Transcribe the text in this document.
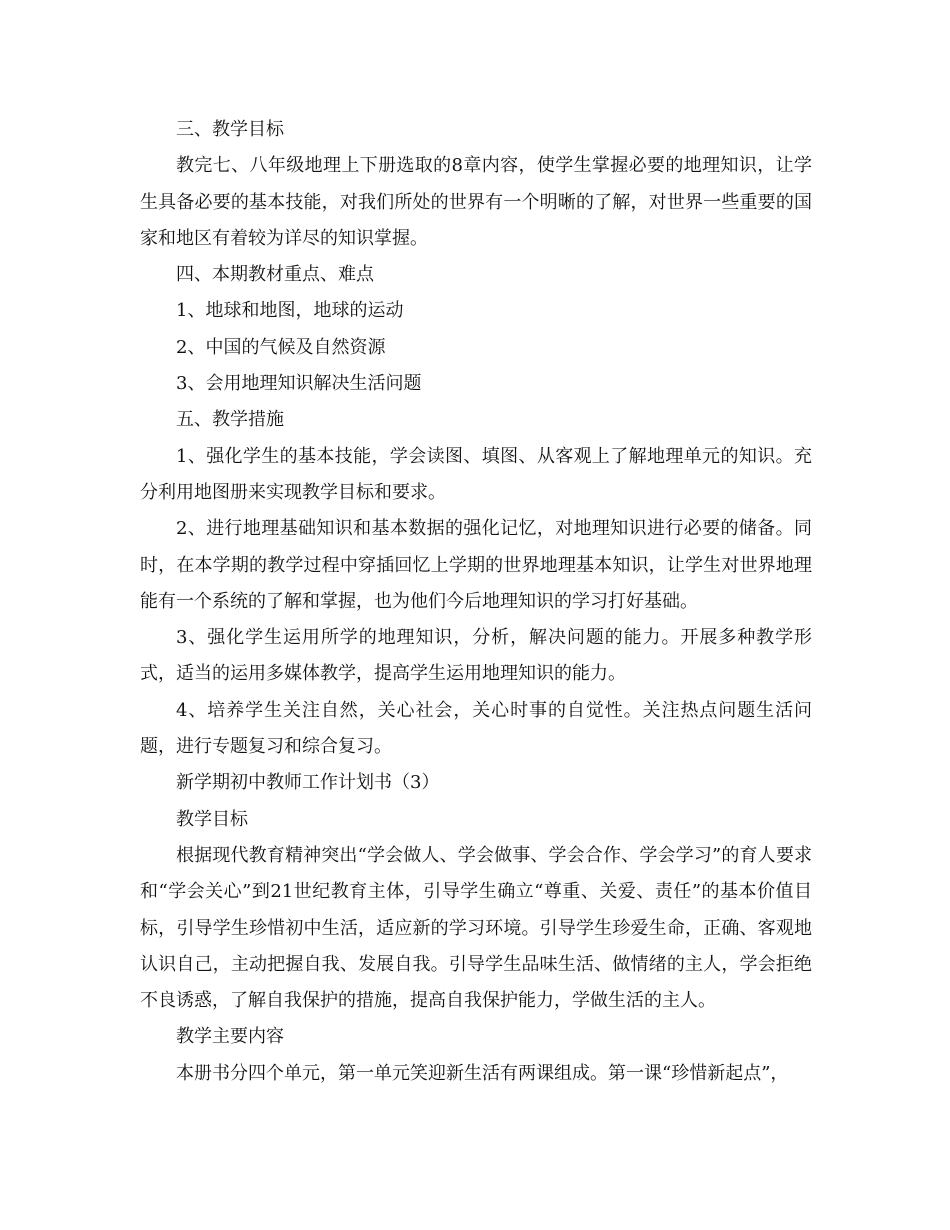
三、教学目标

教完七、八年级地理上下册选取的8章内容，使学生掌握必要的地理知识，让学生具备必要的基本技能，对我们所处的世界有一个明晰的了解，对世界一些重要的国家和地区有着较为详尽的知识掌握。

四、本期教材重点、难点

1、地球和地图，地球的运动

2、中国的气候及自然资源

3、会用地理知识解决生活问题

五、教学措施

1、强化学生的基本技能，学会读图、填图、从客观上了解地理单元的知识。充分利用地图册来实现教学目标和要求。

2、进行地理基础知识和基本数据的强化记忆，对地理知识进行必要的储备。同时，在本学期的教学过程中穿插回忆上学期的世界地理基本知识，让学生对世界地理能有一个系统的了解和掌握，也为他们今后地理知识的学习打好基础。

3、强化学生运用所学的地理知识，分析，解决问题的能力。开展多种教学形式，适当的运用多媒体教学，提高学生运用地理知识的能力。

4、培养学生关注自然，关心社会，关心时事的自觉性。关注热点问题生活问题，进行专题复习和综合复习。

新学期初中教师工作计划书（3）

教学目标

根据现代教育精神突出“学会做人、学会做事、学会合作、学会学习”的育人要求和“学会关心”到21世纪教育主体，引导学生确立“尊重、关爱、责任”的基本价值目标，引导学生珍惜初中生活，适应新的学习环境。引导学生珍爱生命，正确、客观地认识自己，主动把握自我、发展自我。引导学生品味生活、做情绪的主人，学会拒绝不良诱惑，了解自我保护的措施，提高自我保护能力，学做生活的主人。

教学主要内容

本册书分四个单元，第一单元笑迎新生活有两课组成。第一课“珍惜新起点”，
